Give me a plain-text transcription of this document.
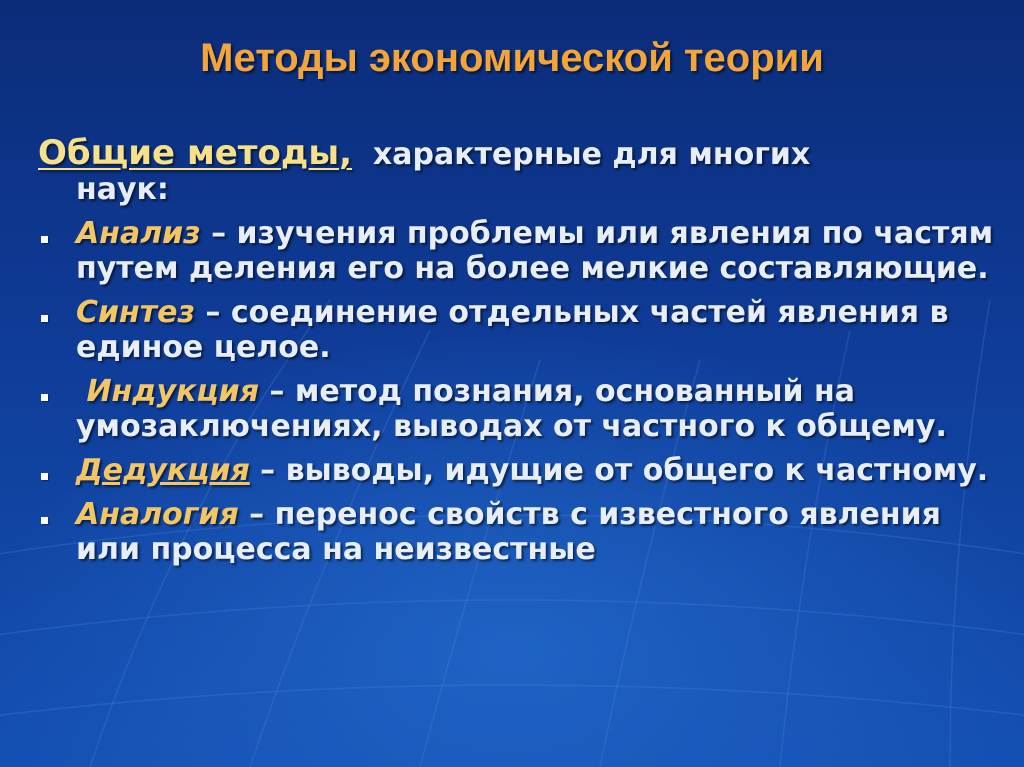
Методы экономической теории
Общие методы, характерные для многих
наук:
Анализ – изучения проблемы или явления по частям путем деления его на более мелкие составляющие.
Синтез – соединение отдельных частей явления в единое целое.
Индукция – метод познания, основанный на умозаключениях, выводах от частного к общему.
Дедукция – выводы, идущие от общего к частному.
Аналогия – перенос свойств с известного явления или процесса на неизвестные
